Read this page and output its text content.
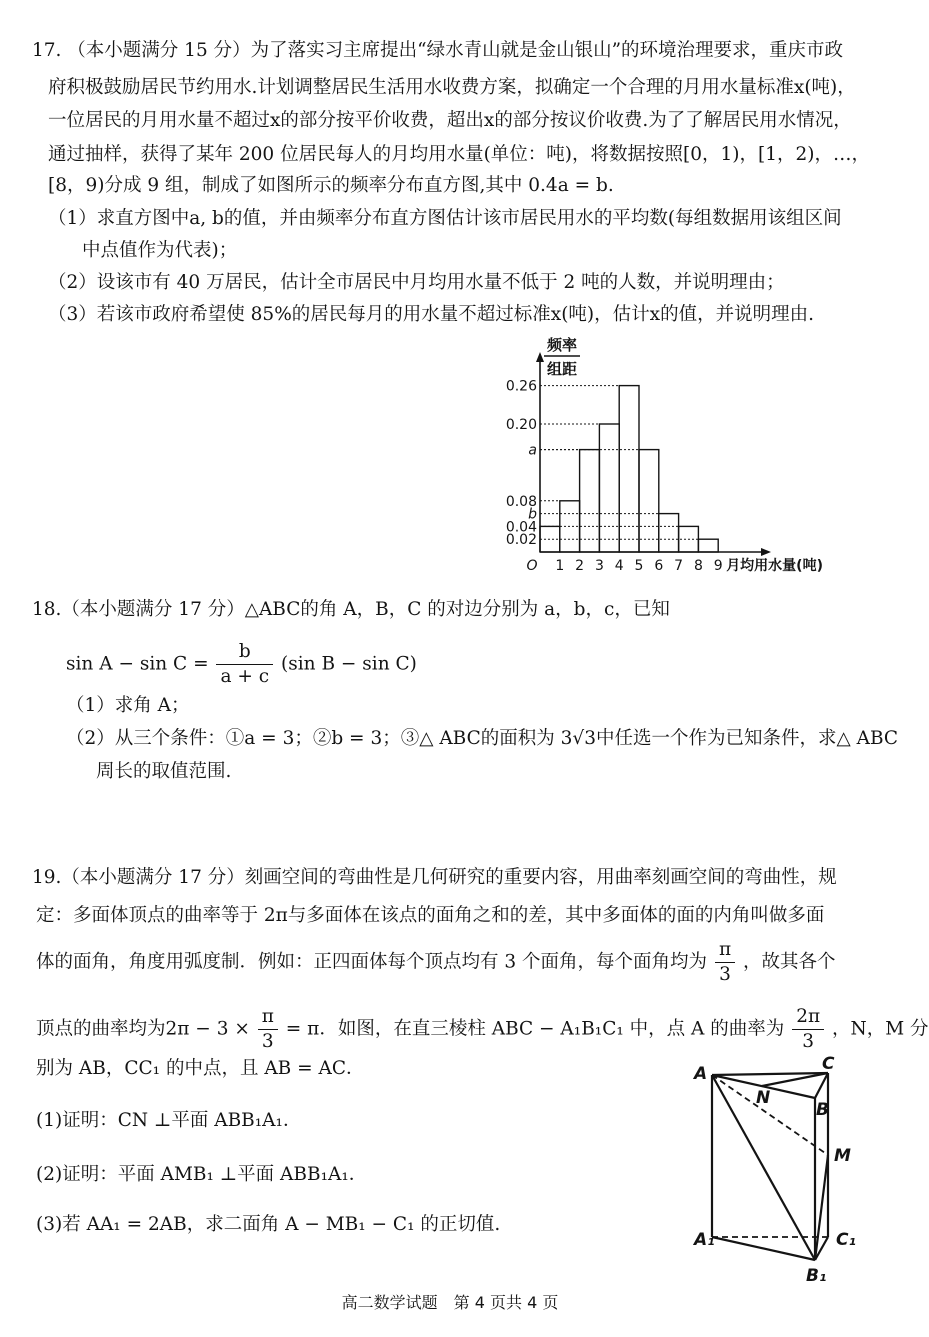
17. （本小题满分 15 分）为了落实习主席提出“绿水青山就是金山银山”的环境治理要求，重庆市政
府积极鼓励居民节约用水.计划调整居民生活用水收费方案，拟确定一个合理的月用水量标准x(吨)，
一位居民的月用水量不超过x的部分按平价收费，超出x的部分按议价收费.为了了解居民用水情况，
通过抽样，获得了某年 200 位居民每人的月均用水量(单位：吨)，将数据按照[0，1)，[1，2)，…，
[8，9)分成 9 组，制成了如图所示的频率分布直方图,其中 0.4a = b.
（1）求直方图中a, b的值，并由频率分布直方图估计该市居民用水的平均数(每组数据用该组区间
中点值作为代表)；
（2）设该市有 40 万居民，估计全市居民中月均用水量不低于 2 吨的人数，并说明理由；
（3）若该市政府希望使 85%的居民每月的用水量不超过标准x(吨)，估计x的值，并说明理由.
0.26
0.20
a
0.08
b
0.04
0.02
1 2 3 4 5 6 7 8 9
O	月均用水量(吨)
频率
组距
18.（本小题满分 17 分）△ABC的角 A，B，C 的对边分别为 a，b，c，已知
$\sin A - \sin C = \frac{b}{a + c} (\sin$ B − sin C)
（1）求角 A；
（2）从三个条件：①a = 3；②b = 3；③△ ABC的面积为 3√3中任选一个作为已知条件，求△ ABC
周长的取值范围.
19.（本小题满分 17 分）刻画空间的弯曲性是几何研究的重要内容，用曲率刻画空间的弯曲性，规
定：多面体顶点的曲率等于 2π与多面体在该点的面角之和的差，其中多面体的面的内角叫做多面
体的面角，角度用弧度制．例如：正四面体每个顶点均有 3 个面角，每个面角均为 $\frac{\pi}{3}$ ，故其各个
顶点的曲率均为$2\pi - 3 \times \frac{\pi}{3} = \pi$．如图，在直三棱柱 ABC − A₁B₁C₁ 中，点 A 的曲率为 $\frac{2\pi}{3}$ ，N，M 分
别为 AB，CC₁ 的中点，且 AB = AC．
(1)证明：CN ⊥平面 ABB₁A₁．
(2)证明：平面 AMB₁ ⊥平面 ABB₁A₁．
(3)若 AA₁ = 2AB，求二面角 A − MB₁ − C₁ 的正切值.
A	C
N
B
M
A₁	C₁
B₁
高二数学试题　第 4 页共 4 页
